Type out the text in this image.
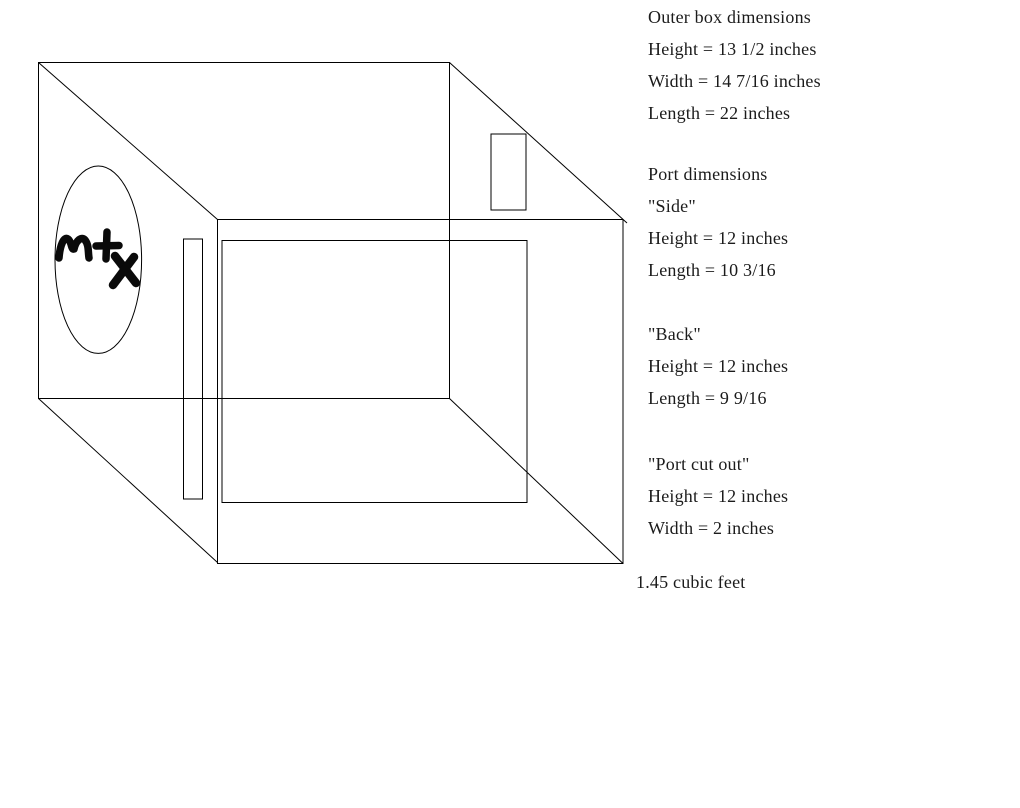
Outer box dimensions
Height = 13 1/2 inches
Width = 14 7/16 inches
Length = 22 inches
Port dimensions
"Side"
Height = 12 inches
Length = 10 3/16
"Back"
Height = 12 inches
Length = 9 9/16
"Port cut out"
Height = 12 inches
Width = 2 inches
1.45 cubic feet
